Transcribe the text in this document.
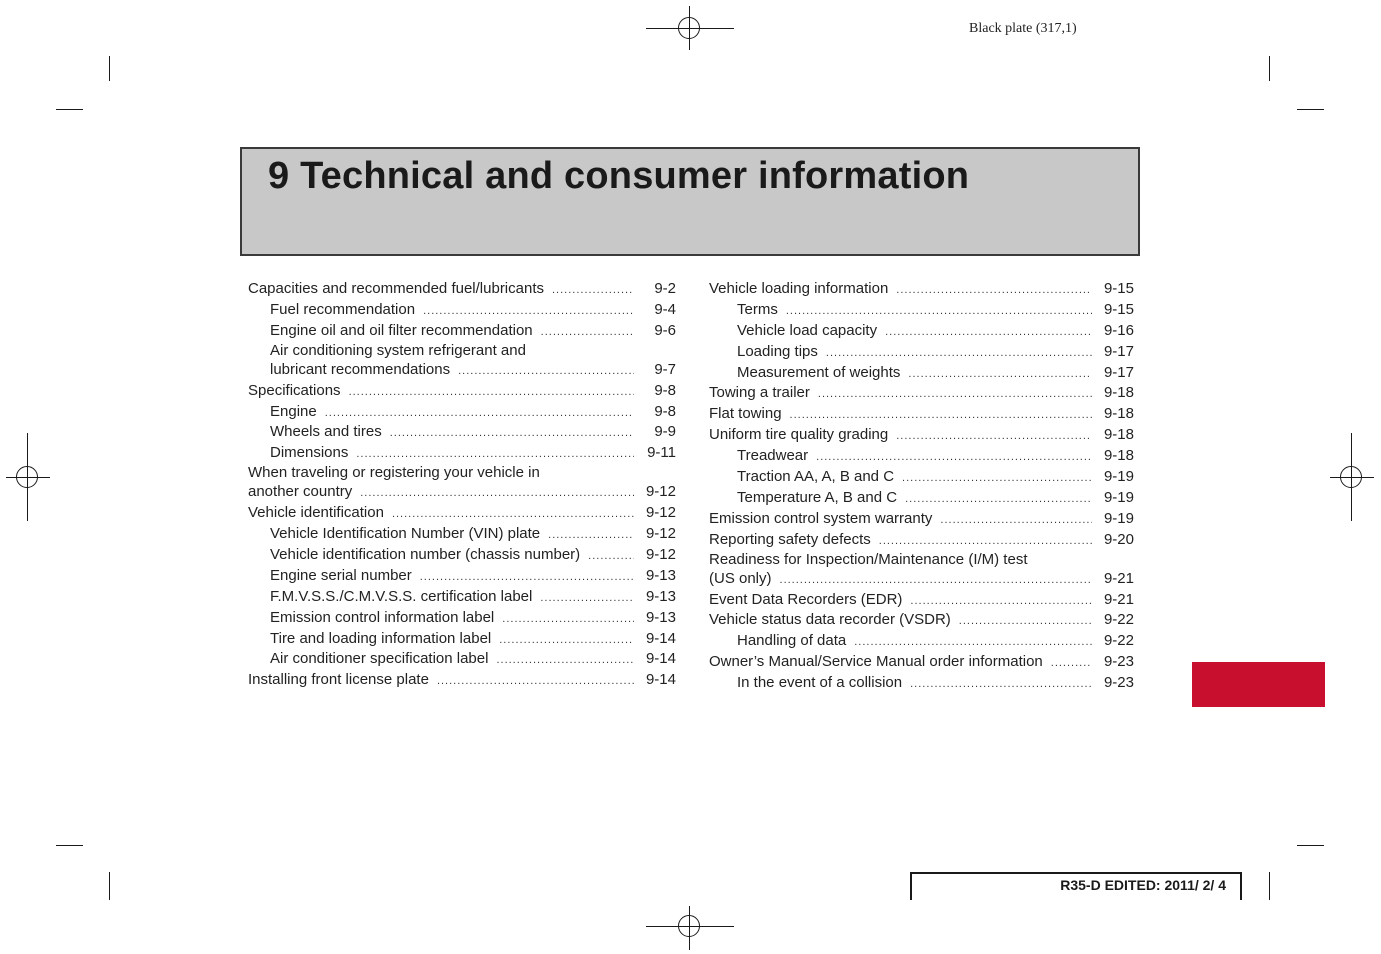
Black plate (317,1)
9 Technical and consumer information
Capacities and recommended fuel/lubricants .....	9-2
Fuel recommendation .....	9-4
Engine oil and oil filter recommendation .....	9-6
Air conditioning system refrigerant and
lubricant recommendations .....	9-7
Specifications .....	9-8
Engine .....	9-8
Wheels and tires .....	9-9
Dimensions .....	9-11
When traveling or registering your vehicle in
another country .....	9-12
Vehicle identification .....	9-12
Vehicle Identification Number (VIN) plate .....	9-12
Vehicle identification number (chassis number) .....	9-12
Engine serial number .....	9-13
F.M.V.S.S./C.M.V.S.S. certification label .....	9-13
Emission control information label .....	9-13
Tire and loading information label .....	9-14
Air conditioner specification label .....	9-14
Installing front license plate .....	9-14
Vehicle loading information .....	9-15
Terms .....	9-15
Vehicle load capacity .....	9-16
Loading tips .....	9-17
Measurement of weights .....	9-17
Towing a trailer .....	9-18
Flat towing .....	9-18
Uniform tire quality grading .....	9-18
Treadwear .....	9-18
Traction AA, A, B and C .....	9-19
Temperature A, B and C .....	9-19
Emission control system warranty .....	9-19
Reporting safety defects .....	9-20
Readiness for Inspection/Maintenance (I/M) test
(US only) .....	9-21
Event Data Recorders (EDR) .....	9-21
Vehicle status data recorder (VSDR) .....	9-22
Handling of data .....	9-22
Owner’s Manual/Service Manual order information .....	9-23
In the event of a collision .....	9-23
R35-D EDITED: 2011/ 2/ 4
